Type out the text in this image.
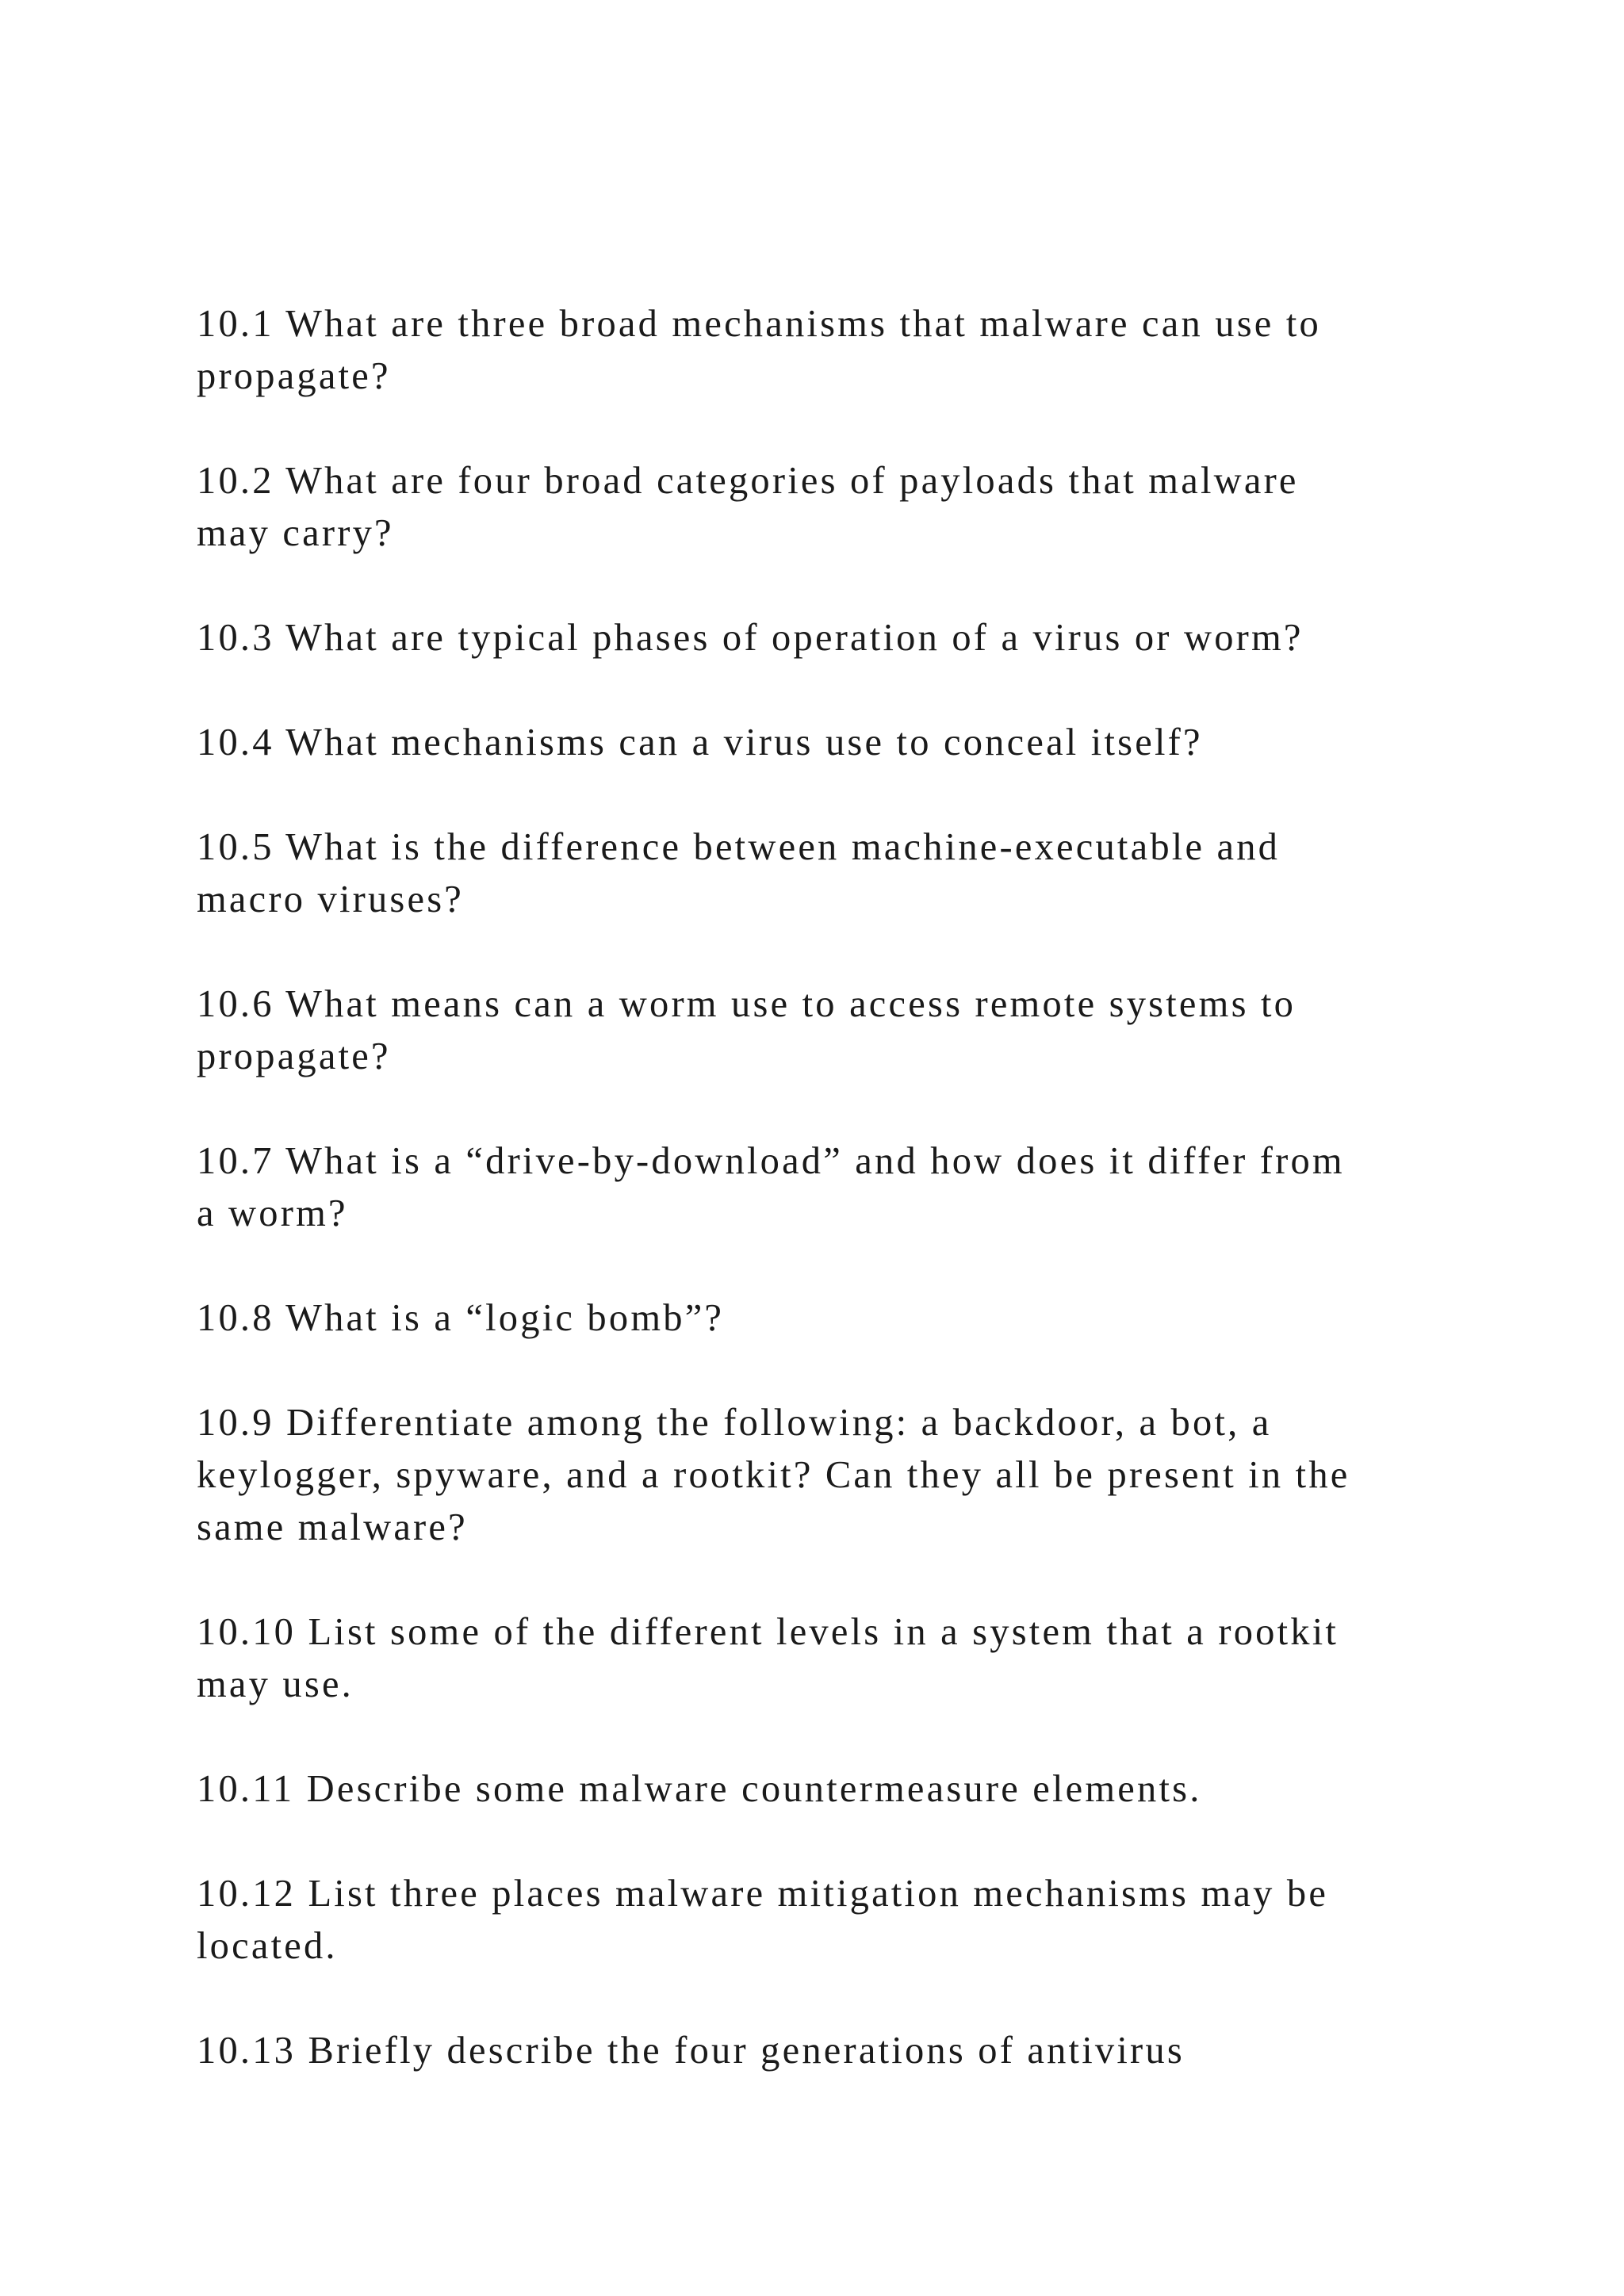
10.1 What are three broad mechanisms that malware can use to
propagate?
10.2 What are four broad categories of payloads that malware
may carry?
10.3 What are typical phases of operation of a virus or worm?
10.4 What mechanisms can a virus use to conceal itself?
10.5 What is the difference between machine-executable and
macro viruses?
10.6 What means can a worm use to access remote systems to
propagate?
10.7 What is a “drive-by-download” and how does it differ from
a worm?
10.8 What is a “logic bomb”?
10.9 Differentiate among the following: a backdoor, a bot, a
keylogger, spyware, and a rootkit? Can they all be present in the
same malware?
10.10 List some of the different levels in a system that a rootkit
may use.
10.11 Describe some malware countermeasure elements.
10.12 List three places malware mitigation mechanisms may be
located.
10.13 Briefly describe the four generations of antivirus
